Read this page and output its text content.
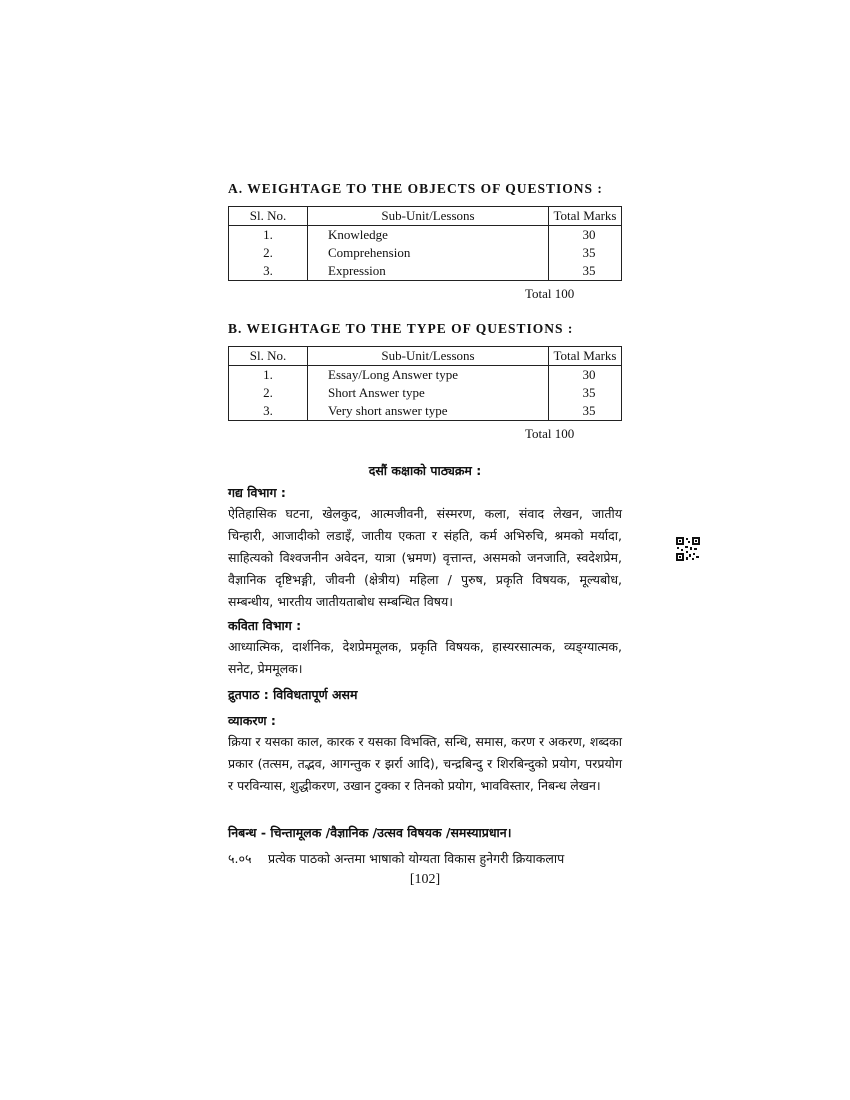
A. WEIGHTAGE TO THE OBJECTS OF QUESTIONS :
Sl. No.	Sub-Unit/Lessons	Total Marks
1.	Knowledge	30
2.	Comprehension	35
3.	Expression	35
Total 100
B. WEIGHTAGE TO THE TYPE OF QUESTIONS :
Sl. No.	Sub-Unit/Lessons	Total Marks
1.	Essay/Long Answer type	30
2.	Short Answer type	35
3.	Very short answer type	35
Total 100
दसौं कक्षाको पाठ्यक्रम :
गद्य विभाग :
ऐतिहासिक घटना, खेलकुद, आत्मजीवनी, संस्मरण, कला, संवाद लेखन, जातीय चिन्हारी, आजादीको लडाइँ, जातीय एकता र संहति, कर्म अभिरुचि, श्रमको मर्यादा, साहित्यको विश्वजनीन अवेदन, यात्रा (भ्रमण) वृत्तान्त, असमको जनजाति, स्वदेशप्रेम, वैज्ञानिक दृष्टिभङ्गी, जीवनी (क्षेत्रीय) महिला / पुरुष, प्रकृति विषयक, मूल्यबोध, सम्बन्धीय, भारतीय जातीयताबोध सम्बन्धित विषय।
कविता विभाग :
आध्यात्मिक, दार्शनिक, देशप्रेममूलक, प्रकृति विषयक, हास्यरसात्मक, व्यङ्ग्यात्मक, सनेट, प्रेममूलक।
द्रुतपाठ : विविधतापूर्ण असम
व्याकरण :
क्रिया र यसका काल, कारक र यसका विभक्ति, सन्धि, समास, करण र अकरण, शब्दका प्रकार (तत्सम, तद्भव, आगन्तुक र झर्रा आदि), चन्द्रबिन्दु र शिरबिन्दुको प्रयोग, परप्रयोग र परविन्यास, शुद्धीकरण, उखान टुक्का र तिनको प्रयोग, भावविस्तार, निबन्ध लेखन।
निबन्ध - चिन्तामूलक /वैज्ञानिक /उत्सव विषयक /समस्याप्रधान।
५.०५ प्रत्येक पाठको अन्तमा भाषाको योग्यता विकास हुनेगरी क्रियाकलाप
[102]
